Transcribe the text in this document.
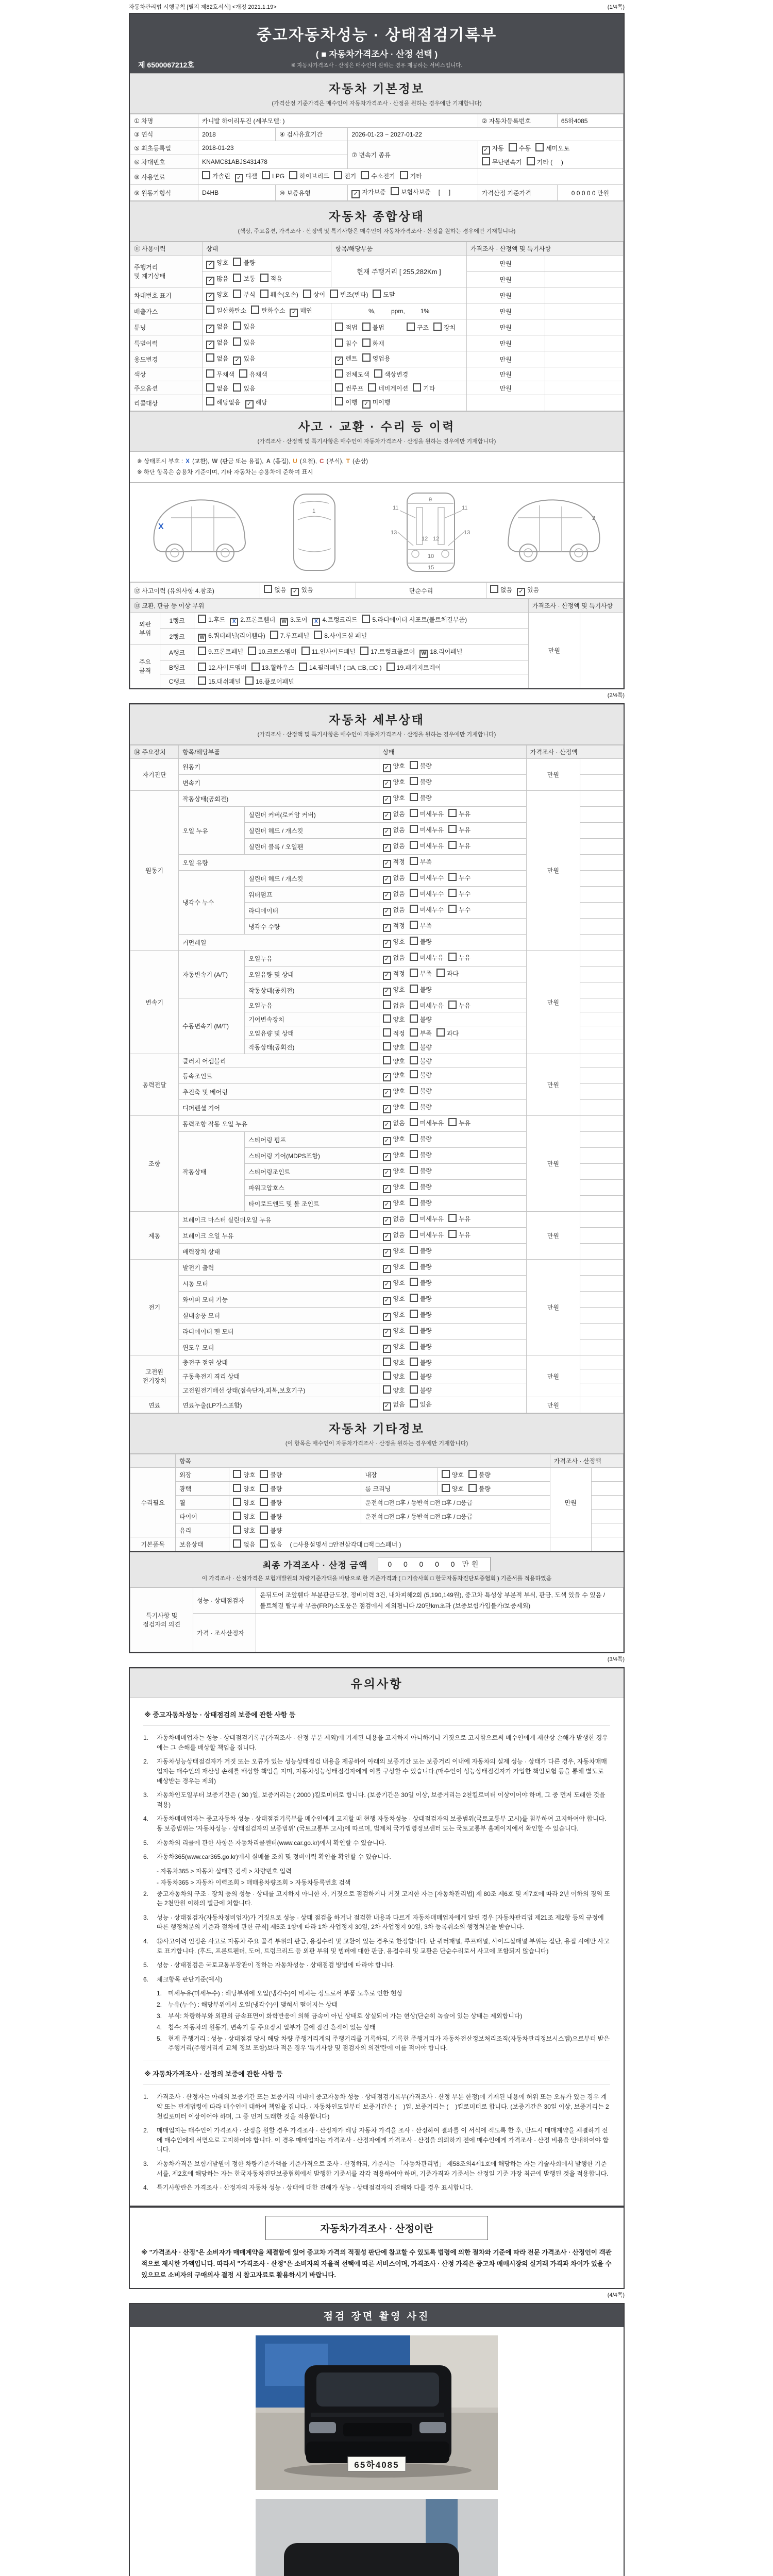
자동차관리법 시행규칙 [별지 제82호서식] <개정 2021.1.19>	(1/4쪽)
중고자동차성능 · 상태점검기록부
( ■ 자동차가격조사 · 산정 선택 )
※ 자동차가격조사 · 산정은 매수인이 원하는 경우 제공하는 서비스입니다.
제 6500067212호
자동차 기본정보
(가격산정 기준가격은 매수인이 자동차가격조사 · 산정을 원하는 경우에만 기재합니다)
① 차명	카니발 하이리무진 (세부모델: )			② 자동차등록번호	65하4085
③ 연식	2018	④ 검사유효기간	2026-01-23 ~ 2027-01-22		
⑤ 최초등록일	2018-01-23		⑦ 변속기 종류	✓ 자동 수동 세미오토
무단변속기 기타 (     )	

⑥ 차대번호	KNAMC81ABJS431478				
⑧ 사용연료	가솔린 ✓ 디젤 LPG 하이브리드 전기 수소전기 기타				
⑨ 원동기형식	D4HB	⑩ 보증유형	✓ 자가보증 보험사보증 [     ]	가격산정 기준가격	0 0 0 0 0 만원
자동차 종합상태
(색상, 주요옵션, 가격조사 · 산정액 및 특기사항은 매수인이 자동차가격조사 · 산정을 원하는 경우에만 기재합니다)
⑪ 사용이력	상태	항목/해당부품	가격조사 · 산정액 및 특기사항	
주행거리
및 계기상태	✓ 양호 불량	현재 주행거리 [ 255,282Km ]	만원	
	✓ 많음 보통 적음		만원	
차대번호 표기	✓ 양호 부식 훼손(오손) 상이 변조(변타) 도말		만원	
배출가스	일산화탄소 탄화수소 ✓ 매연	%,         ppm,         1%	만원	
튜닝	✓ 없음 있음	적법 불법 구조 장치	만원	
특별이력	✓ 없음 있음	침수 화재	만원	
용도변경	없음 ✓ 있음	✓ 렌트 영업용	만원	
색상	무채색 유채색	전체도색 색상변경	만원	
주요옵션	없음 있음	썬루프 네비게이션 기타	만원	
리콜대상	해당없음 ✓ 해당	이행 ✓ 미이행		
사고 · 교환 · 수리 등 이력
(가격조사 · 산정액 및 특기사항은 매수인이 자동차가격조사 · 산정을 원하는 경우에만 기재합니다)
※ 상태표시 부호 : X (교환), W (판금 또는 용접), A (흠집), U (요철), C (부식), T (손상)
※ 하단 항목은 승용차 기준이며, 기타 자동차는 승용차에 준하여 표시
X
1	11	11
13	13
12 12
9
10
15
2
⑫ 사고이력 (유의사항 4.참조)	없음 ✓ 있음	단순수리	없음 ✓ 있음
⑬ 교환, 판금 등 이상 부위			가격조사 · 산정액 및 특기사항	
외판
부위	1랭크	1.후드 X 2.프론트휀더 W 3.도어 X 4.트렁크리드 5.라디에이터 서포트(볼트체결부품)	만원	
	2랭크	W 6.쿼터패널(리어휀다) 7.루프패널 8.사이드실 패널		
주요
골격	A랭크	9.프론트패널 10.크로스멤버 11.인사이드패널 17.트렁크플로어 W 18.리어패널		
	B랭크	12.사이드멤버 13.휠하우스 14.필러패널 ( □A, □B, □C ) 19.패키지트레이		
	C랭크	15.대쉬패널 16.플로어패널		
(2/4쪽)
자동차 세부상태
(가격조사 · 산정액 및 특기사항은 매수인이 자동차가격조사 · 산정을 원하는 경우에만 기재합니다)
⑭ 주요장치	항목/해당부품		상태	가격조사 · 산정액	
자기진단	원동기		✓ 양호 불량	만원	
	변속기		✓ 양호 불량		
원동기	작동상태(공회전)		✓ 양호 불량	만원	
	오일 누유	실린더 커버(로커암 커버)	✓ 없음 미세누유 누유		
		실린더 헤드 / 개스킷	✓ 없음 미세누유 누유		
		실린더 블록 / 오일팬	✓ 없음 미세누유 누유		
	오일 유량		✓ 적정 부족		
	냉각수 누수	실린더 헤드 / 개스킷	✓ 없음 미세누수 누수		
		워터펌프	✓ 없음 미세누수 누수		
		라디에이터	✓ 없음 미세누수 누수		
		냉각수 수량	✓ 적정 부족		
	커먼레일		✓ 양호 불량		
변속기	자동변속기 (A/T)	오일누유	✓ 없음 미세누유 누유	만원	
		오일유량 및 상태	✓ 적정 부족 과다		
		작동상태(공회전)	✓ 양호 불량		
	수동변속기 (M/T)	오일누유	없음 미세누유 누유		
		기어변속장치	양호 불량		
		오일유량 및 상태	적정 부족 과다		
		작동상태(공회전)	양호 불량		
동력전달	클러치 어셈블리		양호 불량	만원	
	등속조인트		✓ 양호 불량		
	추진축 및 베어링		✓ 양호 불량		
	디퍼렌셜 기어		✓ 양호 불량		
조향	동력조향 작동 오일 누유		✓ 없음 미세누유 누유	만원	
	작동상태	스티어링 펌프	✓ 양호 불량		
		스티어링 기어(MDPS포함)	✓ 양호 불량		
		스티어링조인트	✓ 양호 불량		
		파워고압호스	✓ 양호 불량		
		타이로드엔드 및 볼 조인트	✓ 양호 불량		
제동	브레이크 마스터 실린더오일 누유		✓ 없음 미세누유 누유	만원	
	브레이크 오일 누유		✓ 없음 미세누유 누유		
	배력장치 상태		✓ 양호 불량		
전기	발전기 출력		✓ 양호 불량	만원	
	시동 모터		✓ 양호 불량		
	와이퍼 모터 기능		✓ 양호 불량		
	실내송풍 모터		✓ 양호 불량		
	라디에이터 팬 모터		✓ 양호 불량		
	윈도우 모터		✓ 양호 불량		
고전원
전기장치	충전구 절연 상태		양호 불량	만원	
	구동축전지 격리 상태		양호 불량		
	고전원전기배선 상태(접속단자,피복,보호기구)		양호 불량		
연료	연료누출(LP가스포함)		✓ 없음 있음	만원	
자동차 기타정보
(이 항목은 매수인이 자동차가격조사 · 산정을 원하는 경우에만 기재합니다)
	항목				가격조사 · 산정액	
수리필요	외장	양호 불량	내장	양호 불량	만원	
	광택	양호 불량	룸 크리닝	양호 불량		
	휠	양호 불량	운전석 □전 □후 / 동반석 □전 □후 / □응급			
	타이어	양호 불량	운전석 □전 □후 / 동반석 □전 □후 / □응급			
	유리	양호 불량				
기본품목	보유상태	없음 있음 ( □사용설명서 □안전삼각대 □잭 □스패너 )				
최종 가격조사 · 산정 금액	0  0  0  0  0 만원
이 가격조사 · 산정가격은 보험개발원의 차량기준가액을 바탕으로 한 기준가격과 ( □ 기술사회 □ 한국자동차진단보증협회 ) 기준서를 적용하였음
특기사항 및 점검자의 의견	성능 · 상태점검자	운뒤도어 조앞휀다 부분판금도장, 정비이력 3건, 내차피해2회 (5,190,149원), 중고차 특성상 부분적 부식, 판금, 도색 있을 수 있음 / 볼트체결 탈부착 부품(FRP)소모품은 점검에서 제외됩니다 /20만km초과 (보증보험가입불가/보증제외)
	가격 · 조사산정자	
(3/4쪽)
유의사항
※ 중고자동차성능 · 상태점검의 보증에 관한 사항 등
1.	자동차매매업자는 성능 · 상태점검기록부(가격조사 · 산정 부분 제외)에 기재된 내용을 고지하지 아니하거나 거짓으로 고지함으로써 매수인에게 재산상 손해가 발생한 경우에는 그 손해를 배상할 책임을 집니다.
2.	자동차성능상태점검자가 거짓 또는 오류가 있는 성능상태점검 내용을 제공하여 아래의 보증기간 또는 보증거리 이내에 자동차의 실제 성능 · 상태가 다른 경우, 자동차매매업자는 매수인의 재산상 손해를 배상할 책임을 지며, 자동차성능상태점검자에게 이를 구상할 수 있습니다.(매수인이 성능상태점검자가 가입한 책임보험 등을 통해 별도로 배상받는 경우는 제외)
3.	자동차인도일부터 보증기간은 ( 30 )일, 보증거리는 ( 2000 )킬로미터로 합니다. (보증기간은 30일 이상, 보증거리는 2천킬로미터 이상이어야 하며, 그 중 먼저 도래한 것을 적용)
4.	자동차매매업자는 중고자동차 성능 · 상태점검기록부를 매수인에게 고지할 때 현행 자동차성능 · 상태점검자의 보증범위(국토교통부 고시)를 첨부하여 고지하여야 합니다. 동 보증범위는 '자동차성능 · 상태점검자의 보증범위' (국토교통부 고시)에 따르며, 법제처 국가법령정보센터 또는 국토교통부 홈페이지에서 확인할 수 있습니다.
5.	자동차의 리콜에 관한 사항은 자동차리콜센터(www.car.go.kr)에서 확인할 수 있습니다.
6.	자동차365(www.car365.go.kr)에서 실매물 조회 및 정비이력 확인을 확인할 수 있습니다.
- 자동차365 > 자동차 실매물 검색 > 차량번호 입력
- 자동차365 > 자동차 이력조회 > 매매용차량조회 > 자동차등록번호 검색
2.	중고자동차의 구조 · 장치 등의 성능 · 상태를 고지하지 아니한 자, 거짓으로 점검하거나 거짓 고지한 자는 [자동차관리법] 제 80조 제6호 및 제7호에 따라 2년 이하의 징역 또는 2천만원 이하의 벌금에 처합니다.
3.	성능 · 상태점검자(자동차정비업자)가 거짓으로 성능 · 상태 점검을 하거나 점검한 내용과 다르게 자동차매매업자에게 알린 경우 [자동차관리법 제21조 제2항 등의 규정에 따른 행정처분의 기준과 절차에 관한 규칙] 제5조 1항에 따라 1차 사업정지 30일, 2차 사업정지 90일, 3차 등록취소의 행정처분을 받습니다.
4.	⑫사고이력 인정은 사고로 자동차 주요 골격 부위의 판금, 용접수리 및 교환이 있는 경우로 한정합니다. 단 쿼터패널, 루프패널, 사이드실패널 부위는 절단, 용접 시에만 사고로 표기합니다. (후드, 프론트펜더, 도어, 트렁크리드 등 외판 부위 및 범퍼에 대한 판금, 용접수리 및 교환은 단순수리로서 사고에 포함되지 않습니다)
5.	성능 · 상태점검은 국토교통부장관이 정하는 자동차성능 · 상태점검 방법에 따라야 합니다.
6.	체크항목 판단기준(예시)
1. 미세누유(미세누수) : 해당부위에 오일(냉각수)이 비치는 정도로서 부품 노후로 인한 현상
2. 누유(누수) : 해당부위에서 오일(냉각수)이 맺혀서 떨어지는 상태
3. 부식: 차량하부와 외판의 금속표면이 화학반응에 의해 금속이 아닌 상태로 상실되어 가는 현상(단순히 녹슬어 있는 상태는 제외합니다)
4. 침수: 자동차의 원동기, 변속기 등 주요장치 일부가 물에 잠긴 흔적이 있는 상태
5. 현재 주행거리 : 성능 · 상태점검 당시 해당 차량 주행거리계의 주행거리를 기록하되, 기록한 주행거리가 자동차전산정보처리조직(자동차관리정보시스템)으로부터 받은 주행거리(주행거리계 교체 정보 포함)보다 적은 경우 '특기사항 및 점검자의 의견'란에 이를 적어야 합니다.
※ 자동차가격조사 · 산정의 보증에 관한 사항 등
1.	가격조사 · 산정자는 아래의 보증기간 또는 보증거리 이내에 중고자동차 성능 · 상태점검기록부(가격조사 · 산정 부분 한정)에 기재된 내용에 허위 또는 오류가 있는 경우 계약 또는 관계법령에 따라 매수인에 대하여 책임을 집니다. · 자동차인도일부터 보증기간은 (    )일, 보증거리는 (    )킬로미터로 합니다. (보증기간은 30일 이상, 보증거리는 2천킬로미터 이상이어야 하며, 그 중 먼저 도래한 것을 적용합니다)
2.	매매업자는 매수인이 가격조사 · 산정을 원할 경우 가격조사 · 산정자가 해당 자동차 가격을 조사 · 산정하여 결과를 이 서식에 적도록 한 후, 반드시 매매계약을 체결하기 전에 매수인에게 서면으로 고지하여야 합니다. 이 경우 매매업자는 가격조사 · 산정자에게 가격조사 · 산정을 의뢰하기 전에 매수인에게 가격조사 · 산정 비용을 안내하여야 합니다.
3.	자동차가격은 보험개발원이 정한 차량기준가액을 기준가격으로 조사 · 산정하되, 기준서는 「자동차관리법」 제58조의4제1호에 해당하는 자는 기술사회에서 발행한 기준서를, 제2호에 해당하는 자는 한국자동차진단보증협회에서 발행한 기준서를 각각 적용하여야 하며, 기준가격과 기준서는 산정일 기준 가장 최근에 발행된 것을 적용합니다.
4.	특기사항란은 가격조사 · 산정자의 자동차 성능 · 상태에 대한 견해가 성능 · 상태점검자의 견해와 다를 경우 표시합니다.
자동차가격조사 · 산정이란
※ "가격조사 · 산정"은 소비자가 매매계약을 체결함에 있어 중고차 가격의 적절성 판단에 참고할 수 있도록 법령에 의한 절차와 기준에 따라 전문 가격조사 · 산정인이 객관적으로 제시한 가액입니다. 따라서 "가격조사 · 산정"은 소비자의 자율적 선택에 따른 서비스이며, 가격조사 · 산정 가격은 중고차 매매시장의 실거래 가격과 차이가 있을 수 있으므로 소비자의 구매의사 결정 시 참고자료로 활용하시기 바랍니다.
(4/4쪽)
점검 장면 촬영 사진
65하4085
